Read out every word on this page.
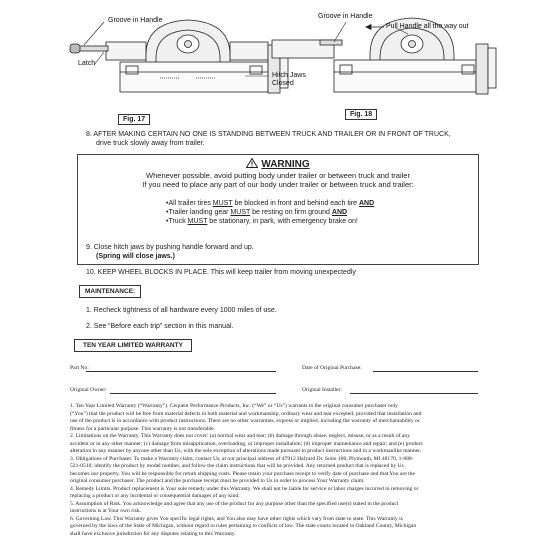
Groove in Handle
Latch
Hitch Jaws
Closed
Fig. 17
Groove in Handle
Pull Handle all the way out
Fig. 18
8. AFTER MAKING CERTAIN NO ONE IS STANDING BETWEEN TRUCK AND TRAILER OR IN FRONT OF TRUCK,
drive truck slowly away from trailer.
WARNING
Whenever possible, avoid putting body under trailer or between truck and trailer
If you need to place any part of our body under trailer or between truck and trailer:
•All trailer tires MUST be blocked in front and behind each tire AND
•Trailer landing gear MUST be resting on firm ground AND
•Truck MUST be stationary, in park, with emergency brake on!
9. Close hitch jaws by pushing handle forward and up.
(Spring will close jaws.)
10. KEEP WHEEL BLOCKS IN PLACE. This will keep trailer from moving unexpectedly
MAINTENANCE:
1. Recheck tightness of all hardware every 1000 miles of use.
2. See “Before each trip” section in this manual.
TEN YEAR LIMITED WARRANTY
Part No:	Date of Original Purchase:
Original Owner:	Original Installer:
1. Ten Year Limited Warranty (“Warranty”). Cequent Performance Products, Inc. (“We” or “Us”) warrants to the original consumer purchaser only
(“You”) that the product will be free from material defects in both material and workmanship, ordinary wear and tear excepted; provided that installation and
use of the product is in accordance with product instructions. There are no other warranties, express or implied, including the warranty of merchantability or
fitness for a particular purpose. This warranty is not transferable.
2. Limitations on the Warranty. This Warranty does not cover: (a) normal wear and tear; (b) damage through abuse, neglect, misuse, or as a result of any
accident or in any other manner; (c) damage from misapplication, overloading, or improper installation; (d) improper maintenance and repair; and (e) product
alteration in any manner by anyone other than Us, with the sole exception of alterations made pursuant to product instructions and in a workmanlike manner.
3. Obligations of Purchaser. To make a Warranty claim, contact Us, at our principal address of 47912 Halyard Dr. Suite 100, Plymouth, MI 48170, 1-888-
521-0510, identify the product by model number, and follow the claim instructions that will be provided. Any returned product that is replaced by Us
becomes our property. You will be responsible for return shipping costs. Please retain your purchase receipt to verify date of purchase and that You are the
original consumer purchaser. The product and the purchase receipt must be provided to Us in order to process Your Warranty claim.
4. Remedy Limits. Product replacement is Your sole remedy under this Warranty. We shall not be liable for service or labor charges incurred in removing or
replacing a product or any incidental or consequential damages of any kind.
5. Assumption of Risk. You acknowledge and agree that any use of the product for any purpose other than the specified use(s) stated in the product
instructions is at Your own risk.
6. Governing Law. This Warranty gives You specific legal rights, and You also may have other rights which vary from state to state. This Warranty is
governed by the laws of the State of Michigan, without regard to rules pertaining to conflicts of law. The state courts located in Oakland County, Michigan
shall have exclusive jurisdiction for any disputes relating to this Warranty.
